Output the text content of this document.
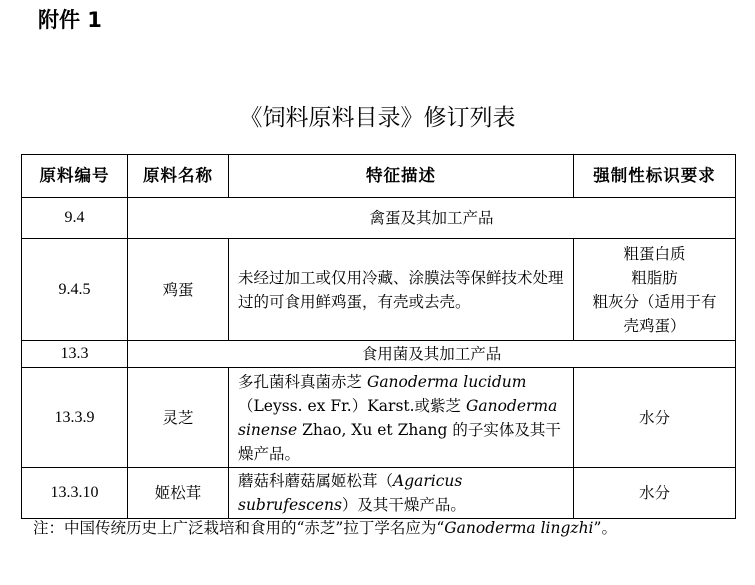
附件 1
《饲料原料目录》修订列表
原料编号	原料名称	特征描述	强制性标识要求
9.4	禽蛋及其加工产品		
9.4.5	鸡蛋	未经过加工或仅用冷藏、涂膜法等保鲜技术处理过的可食用鲜鸡蛋，有壳或去壳。	粗蛋白质
粗脂肪
粗灰分（适用于有
壳鸡蛋）

13.3	食用菌及其加工产品		
13.3.9	灵芝	多孔菌科真菌赤芝 Ganoderma lucidum（Leyss. ex Fr.）Karst.或紫芝 Ganoderma sinense Zhao, Xu et Zhang 的子实体及其干燥产品。	水分
13.3.10	姬松茸	蘑菇科蘑菇属姬松茸（Agaricus subrufescens）及其干燥产品。	水分
注：中国传统历史上广泛栽培和食用的“赤芝”拉丁学名应为“Ganoderma lingzhi”。
